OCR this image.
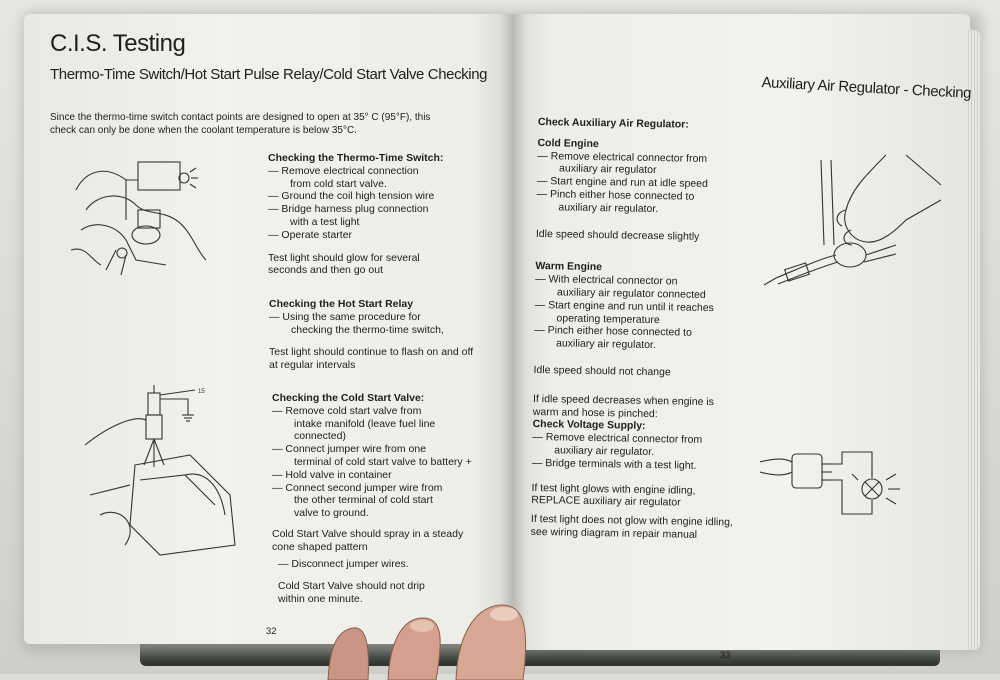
C.I.S. Testing
Thermo-Time Switch/Hot Start Pulse Relay/Cold Start Valve Checking
Since the thermo-time switch contact points are designed to open at 35° C (95°F), this
check can only be done when the coolant temperature is below 35°C.
Checking the Thermo-Time Switch:
— Remove electrical connection
from cold start valve.
— Ground the coil high tension wire
— Bridge harness plug connection
with a test light
— Operate starter
Test light should glow for several
seconds and then go out
Checking the Hot Start Relay
— Using the same procedure for
checking the thermo-time switch,
Test light should continue to flash on and off
at regular intervals
Checking the Cold Start Valve:
— Remove cold start valve from
intake manifold (leave fuel line
connected)
— Connect jumper wire from one
terminal of cold start valve to battery +
— Hold valve in container
— Connect second jumper wire from
the other terminal of cold start
valve to ground.
Cold Start Valve should spray in a steady
cone shaped pattern
— Disconnect jumper wires.
Cold Start Valve should not drip
within one minute.
32
15
Auxiliary Air Regulator - Checking
Check Auxiliary Air Regulator:
Cold Engine
— Remove electrical connector from
auxiliary air regulator
— Start engine and run at idle speed
— Pinch either hose connected to
auxiliary air regulator.
Idle speed should decrease slightly
Warm Engine
— With electrical connector on
auxiliary air regulator connected
— Start engine and run until it reaches
operating temperature
— Pinch either hose connected to
auxiliary air regulator.
Idle speed should not change
If idle speed decreases when engine is
warm and hose is pinched:
Check Voltage Supply:
— Remove electrical connector from
auxiliary air regulator.
— Bridge terminals with a test light.
If test light glows with engine idling,
REPLACE auxiliary air regulator
If test light does not glow with engine idling,
see wiring diagram in repair manual
33
